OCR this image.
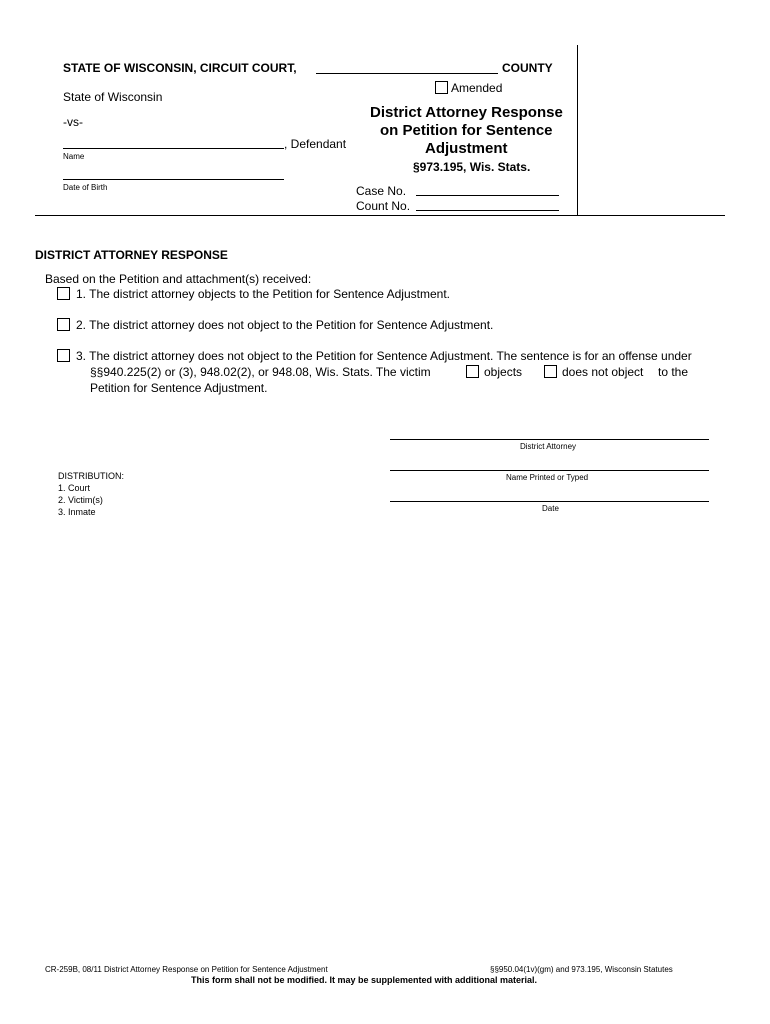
STATE OF WISCONSIN, CIRCUIT COURT,	COUNTY
Amended
State of Wisconsin
-vs-
, Defendant
Name
Date of Birth
District Attorney Response
on Petition for Sentence
Adjustment
§973.195, Wis. Stats.
Case No.
Count No.
DISTRICT ATTORNEY RESPONSE
Based on the Petition and attachment(s) received:
1. The district attorney objects to the Petition for Sentence Adjustment.
2. The district attorney does not object to the Petition for Sentence Adjustment.
3. The district attorney does not object to the Petition for Sentence Adjustment. The sentence is for an offense under
§§940.225(2) or (3), 948.02(2), or 948.08, Wis. Stats. The victim	objects	does not object to the
Petition for Sentence Adjustment.
District Attorney
Name Printed or Typed
Date
DISTRIBUTION:
1. Court
2. Victim(s)
3. Inmate
CR-259B, 08/11 District Attorney Response on Petition for Sentence Adjustment	§§950.04(1v)(gm) and 973.195, Wisconsin Statutes
This form shall not be modified. It may be supplemented with additional material.
